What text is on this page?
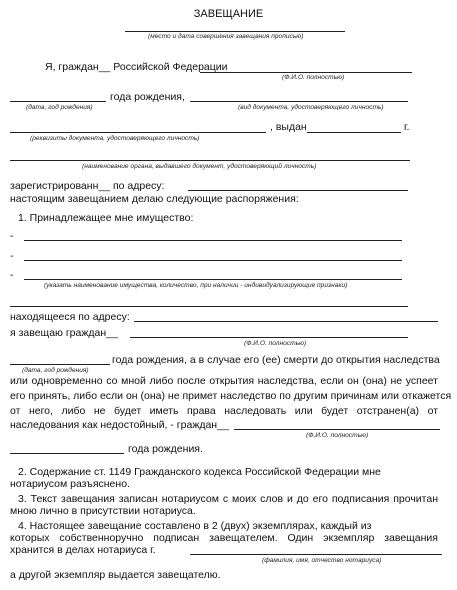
ЗАВЕЩАНИЕ
(место и дата совершения завещания прописью)
Я, граждан__ Российской Федерации
(Ф.И.О. полностью)
года рождения,
(дата, год рождения)	(вид документа, удостоверяющего личность)
, выдан	г.
(реквизиты документа, удостоверяющего личность)
(наименование органа, выдавшего документ, удостоверяющий личность)
зарегистрированн__ по адресу:
настоящим завещанием делаю следующие распоряжения:
1. Принадлежащее мне имущество:
-
-
-
(указать наименование имущества, количество, при наличии - индивидуализирующие признаки)
находящееся по адресу:
я завещаю граждан__
(Ф.И.О. полностью)
года рождения, а в случае его (ее) смерти до открытия наследства
(дата, год рождения)
или одновременно со мной либо после открытия наследства, если он (она) не успеет
его принять, либо если он (она) не примет наследство по другим причинам или откажется
от него, либо не будет иметь права наследовать или будет отстранен(а) от
наследования как недостойный, - граждан__
(Ф.И.О. полностью)
года рождения.
2. Содержание ст. 1149 Гражданского кодекса Российской Федерации мне
нотариусом разъяснено.
3. Текст завещания записан нотариусом с моих слов и до его подписания прочитан
мною лично в присутствии нотариуса.
4. Настоящее завещание составлено в 2 (двух) экземплярах, каждый из
которых собственноручно подписан завещателем. Один экземпляр завещания
хранится в делах нотариуса г.
(фамилия, имя, отчество нотариуса)
а другой экземпляр выдается завещателю.
